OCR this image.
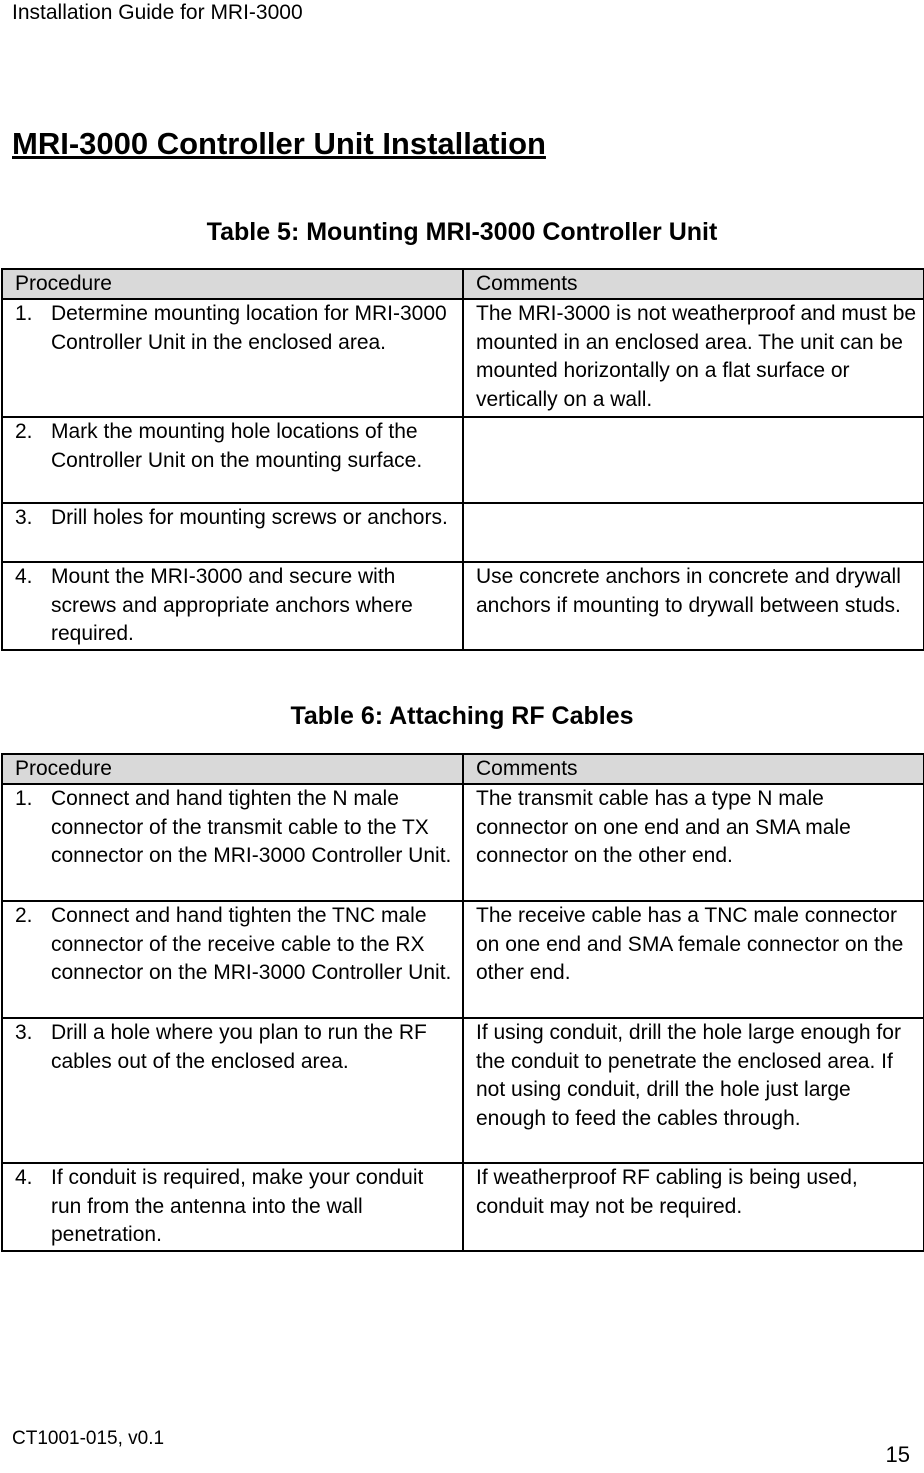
Installation Guide for MRI-3000
MRI-3000 Controller Unit Installation
Table 5: Mounting MRI-3000 Controller Unit
Procedure	Comments

1. Determine mounting location for MRI-3000 Controller Unit in the enclosed area.	The MRI-3000 is not weatherproof and must be mounted in an enclosed area. The unit can be mounted horizontally on a flat surface or vertically on a wall.

2. Mark the mounting hole locations of the Controller Unit on the mounting surface.	

3. Drill holes for mounting screws or anchors.	

4. Mount the MRI-3000 and secure with screws and appropriate anchors where required.	Use concrete anchors in concrete and drywall anchors if mounting to drywall between studs.
Table 6: Attaching RF Cables
Procedure	Comments

1. Connect and hand tighten the N male connector of the transmit cable to the TX connector on the MRI-3000 Controller Unit.	The transmit cable has a type N male connector on one end and an SMA male connector on the other end.

2. Connect and hand tighten the TNC male connector of the receive cable to the RX connector on the MRI-3000 Controller Unit.	The receive cable has a TNC male connector on one end and SMA female connector on the other end.

3. Drill a hole where you plan to run the RF cables out of the enclosed area.	If using conduit, drill the hole large enough for the conduit to penetrate the enclosed area. If not using conduit, drill the hole just large enough to feed the cables through.

4. If conduit is required, make your conduit run from the antenna into the wall penetration.	If weatherproof RF cabling is being used, conduit may not be required.
CT1001-015, v0.1
15
